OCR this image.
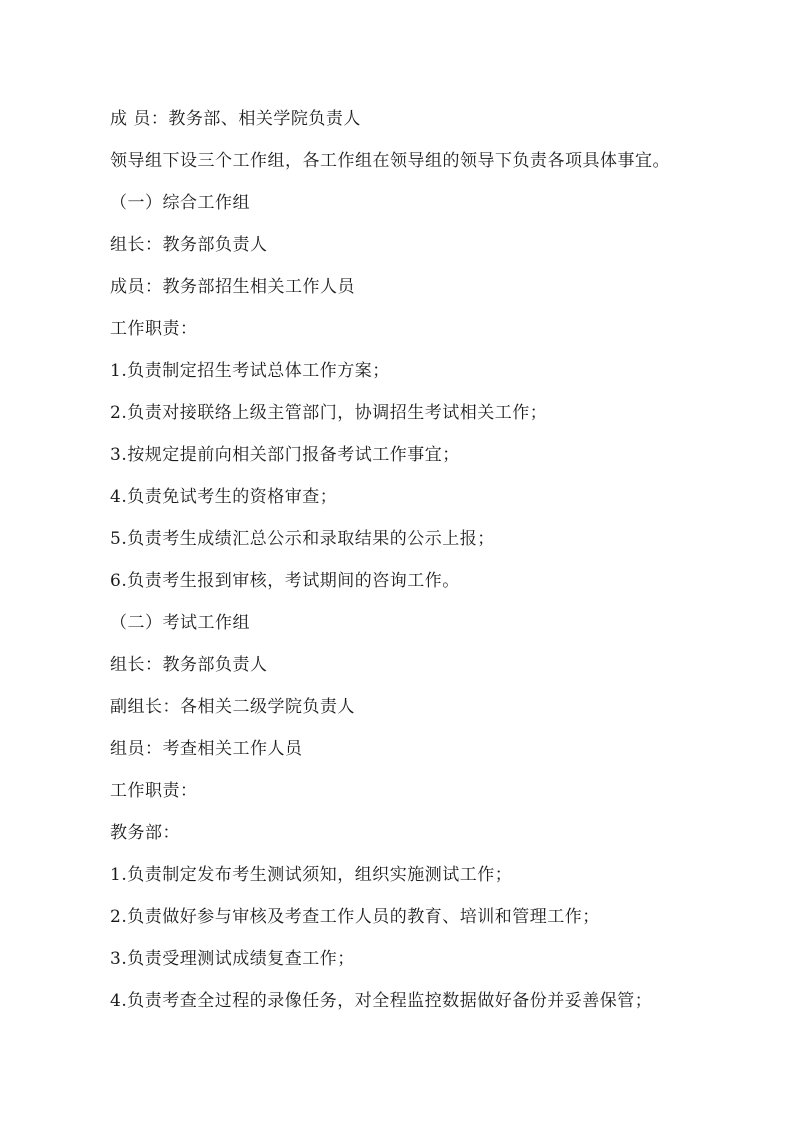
成 员：教务部、相关学院负责人
领导组下设三个工作组，各工作组在领导组的领导下负责各项具体事宜。
（一）综合工作组
组长：教务部负责人
成员：教务部招生相关工作人员
工作职责：
1.负责制定招生考试总体工作方案；
2.负责对接联络上级主管部门，协调招生考试相关工作；
3.按规定提前向相关部门报备考试工作事宜；
4.负责免试考生的资格审查；
5.负责考生成绩汇总公示和录取结果的公示上报；
6.负责考生报到审核，考试期间的咨询工作。
（二）考试工作组
组长：教务部负责人
副组长：各相关二级学院负责人
组员：考查相关工作人员
工作职责：
教务部：
1.负责制定发布考生测试须知，组织实施测试工作；
2.负责做好参与审核及考查工作人员的教育、培训和管理工作；
3.负责受理测试成绩复查工作；
4.负责考查全过程的录像任务，对全程监控数据做好备份并妥善保管；
